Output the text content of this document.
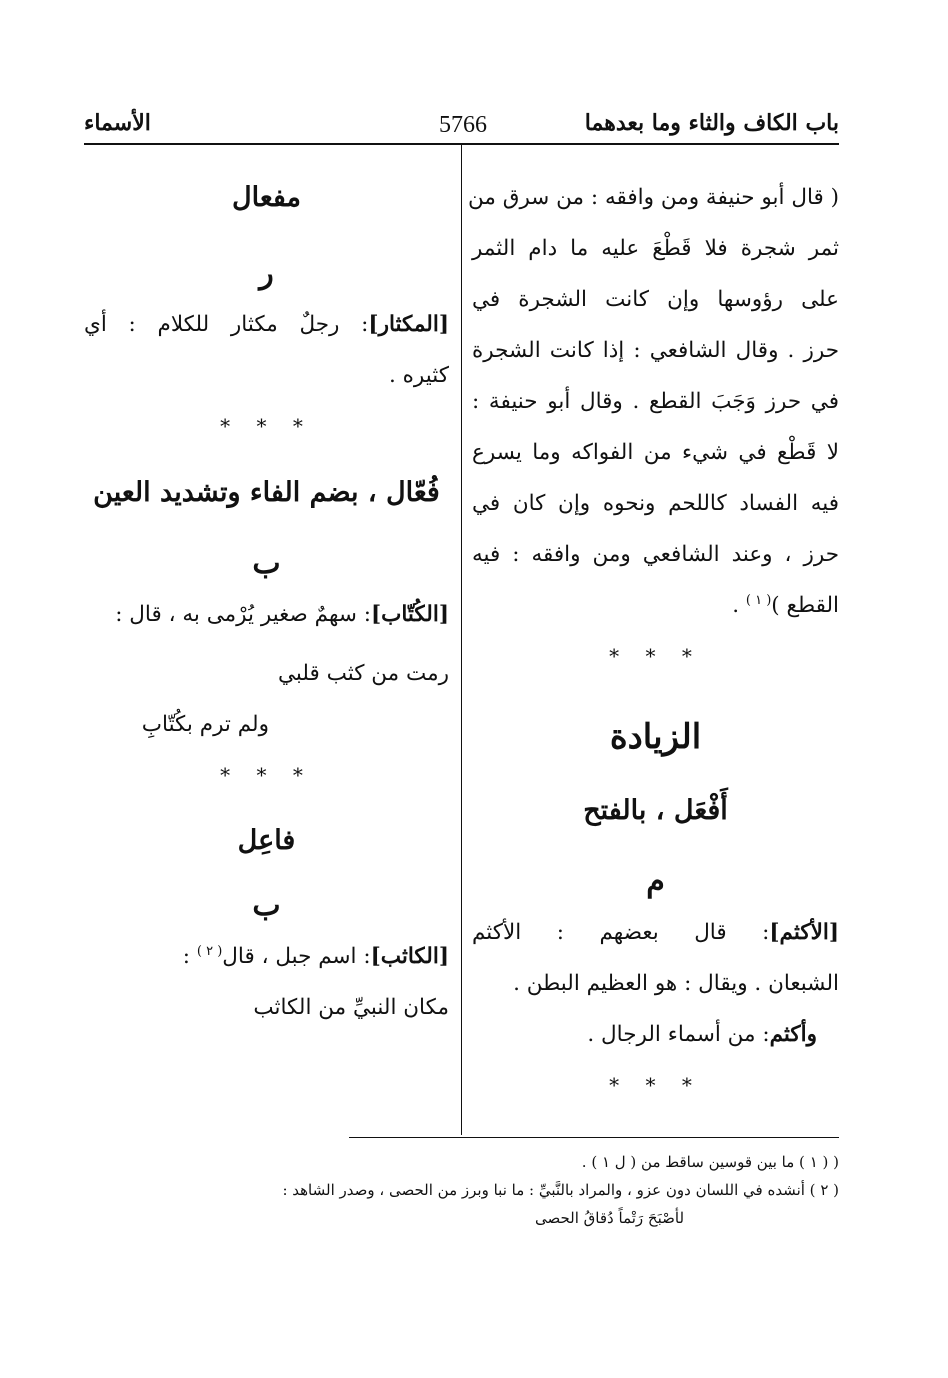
الأسماء	5766	باب الكاف والثاء وما بعدهما
( قال أبو حنيفة ومن وافقه : من سرق من
ثمر شجرة فلا قَطْعَ عليه ما دام الثمر
على رؤوسها وإن كانت الشجرة في
حرز . وقال الشافعي : إذا كانت الشجرة
في حرز وَجَبَ القطع . وقال أبو حنيفة :
لا قَطْع في شيء من الفواكه وما يسرع
فيه الفساد كاللحم ونحوه وإن كان في
حرز ، وعند الشافعي ومن وافقه : فيه
القطع )$^{( ١ )}$ .
* * *
الزيادة
أَفْعَل ، بالفتح
م
[الأكثم]: قال بعضهم : الأكثم
الشبعان . ويقال : هو العظيم البطن .
وأكثم: من أسماء الرجال .
* * *
مفعال
ر
[المكثار]: رجلٌ مكثار للكلام : أي
كثيره .
* * *
فُعّال ، بضم الفاء وتشديد العين
ب
[الكُتّاب]: سهمٌ صغير يُرْمى به ، قال :
رمت من كثب قلبي
ولم ترم بكُتّابِ
* * *
فاعِل
ب
[الكاثب]: اسم جبل ، قال$^{( ٢ )}$ :
مكان النبيِّ من الكاثب
( ( ١ ) ما بين قوسين ساقط من ( ل ١ ) .
( ٢ ) أنشده في اللسان دون عزو ، والمراد بالنَّبيِّ : ما نبا وبرز من الحصى ، وصدر الشاهد :
لأصْبَحَ رَتْماً دُقاقُ الحصى
